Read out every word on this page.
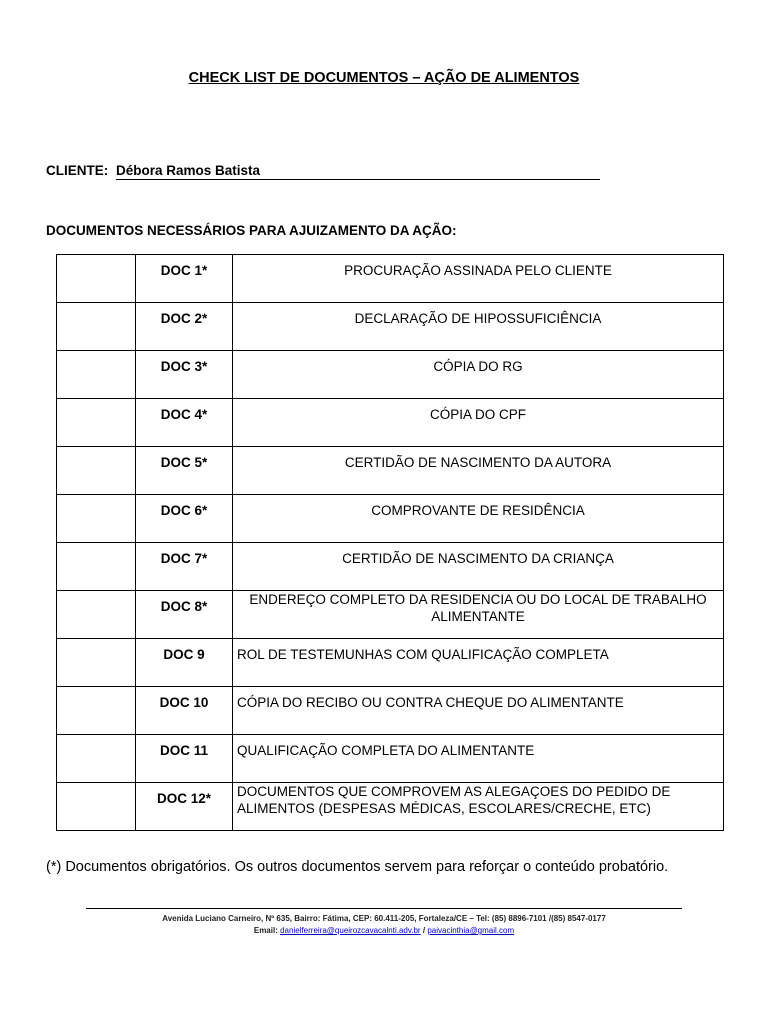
CHECK LIST DE DOCUMENTOS – AÇÃO DE ALIMENTOS
CLIENTE: Débora Ramos Batista
DOCUMENTOS NECESSÁRIOS PARA AJUIZAMENTO DA AÇÃO:
	DOC 1*	PROCURAÇÃO ASSINADA PELO CLIENTE
	DOC 2*	DECLARAÇÃO DE HIPOSSUFICIÊNCIA
	DOC 3*	CÓPIA DO RG
	DOC 4*	CÓPIA DO CPF
	DOC 5*	CERTIDÃO DE NASCIMENTO DA AUTORA
	DOC 6*	COMPROVANTE DE RESIDÊNCIA
	DOC 7*	CERTIDÃO DE NASCIMENTO DA CRIANÇA
	DOC 8*	ENDEREÇO COMPLETO DA RESIDENCIA OU DO LOCAL DE TRABALHO
ALIMENTANTE

	DOC 9	ROL DE TESTEMUNHAS COM QUALIFICAÇÃO COMPLETA
	DOC 10	CÓPIA DO RECIBO OU CONTRA CHEQUE DO ALIMENTANTE
	DOC 11	QUALIFICAÇÃO COMPLETA DO ALIMENTANTE
	DOC 12*	DOCUMENTOS QUE COMPROVEM AS ALEGAÇOES DO PEDIDO DE
ALIMENTOS (DESPESAS MÉDICAS, ESCOLARES/CRECHE, ETC)
(*) Documentos obrigatórios. Os outros documentos servem para reforçar o conteúdo probatório.
Avenida Luciano Carneiro, Nº 635, Bairro: Fátima, CEP: 60.411-205, Fortaleza/CE – Tel: (85) 8896-7101 /(85) 8547-0177
Email: danielferreira@queirozcavacalnti.adv.br / paivacinthia@gmail.com
